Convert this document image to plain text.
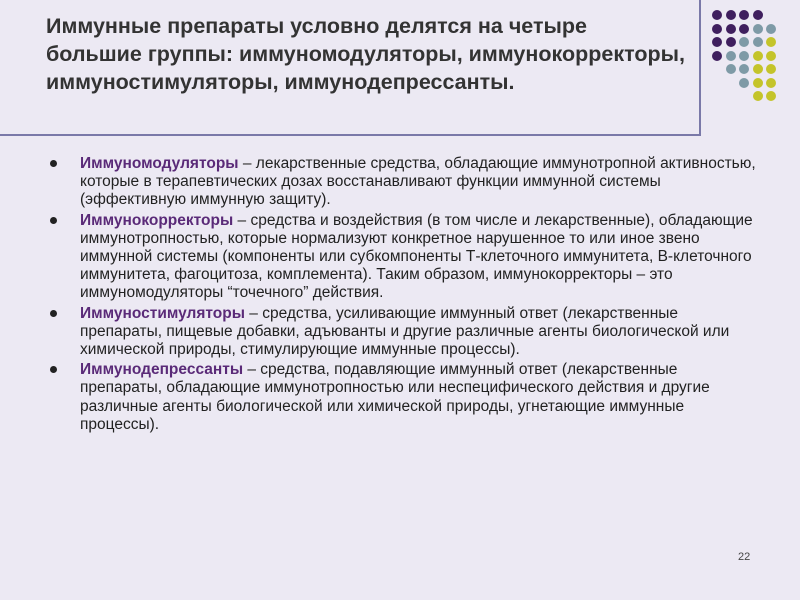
Иммунные препараты условно делятся на четыре большие группы: иммуномодуляторы, иммунокорректоры, иммуностимуляторы, иммунодепрессанты.
Иммуномодуляторы – лекарственные средства, обладающие иммунотропной активностью, которые в терапевтических дозах восстанавливают функции иммунной системы (эффективную иммунную защиту).
Иммунокорректоры – средства и воздействия (в том числе и лекарственные), обладающие иммунотропностью, которые нормализуют конкретное нарушенное то или иное звено иммунной системы (компоненты или субкомпоненты Т-клеточного иммунитета, В-клеточного иммунитета, фагоцитоза, комплемента). Таким образом, иммунокорректоры – это иммуномодуляторы “точечного” действия.
Иммуностимуляторы – средства, усиливающие иммунный ответ (лекарственные препараты, пищевые добавки, адъюванты и другие различные агенты биологической или химической природы, стимулирующие иммунные процессы).
Иммунодепрессанты – средства, подавляющие иммунный ответ (лекарственные препараты, обладающие иммунотропностью или неспецифического действия и другие различные агенты биологической или химической природы, угнетающие иммунные процессы).
22
